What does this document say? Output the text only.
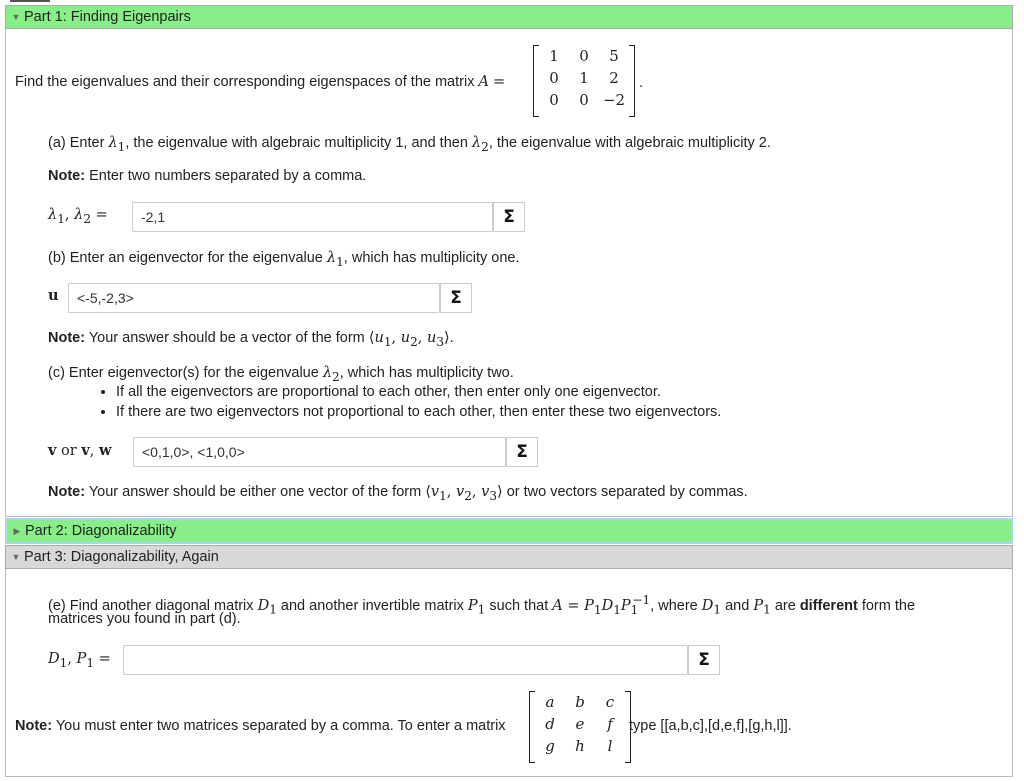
▼ Part 1: Finding Eigenpairs
Find the eigenvalues and their corresponding eigenspaces of the matrix A =
1	0	5
0	1	2
0	0 −2
.
(a) Enter $\lambda_1$, the eigenvalue with algebraic multiplicity 1, and then $\lambda_2$, the eigenvalue with algebraic multiplicity 2.
Note: Enter two numbers separated by a comma.
$\lambda_1$, $\lambda_2$ =	-2,1	Σ
(b) Enter an eigenvector for the eigenvalue $\lambda_1$, which has multiplicity one.
u	<-5,-2,3>	Σ
Note: Your answer should be a vector of the form $⟨u_1$, $u_2$, $u_3⟩$.
(c) Enter eigenvector(s) for the eigenvalue $\lambda_2$, which has multiplicity two.
• If all the eigenvectors are proportional to each other, then enter only one eigenvector.
• If there are two eigenvectors not proportional to each other, then enter these two eigenvectors.
v or v, w	<0,1,0>, <1,0,0>	Σ
Note: Your answer should be either one vector of the form $⟨v_1$, $v_2$, $v_3⟩$ or two vectors separated by commas.
▶ Part 2: Diagonalizability
▼ Part 3: Diagonalizability, Again
(e) Find another diagonal matrix $D_1$ and another invertible matrix $P_1$ such that $A = P_1D_1P_1^{-1}$, where $D_1$ and $P_1$ are different form the
matrices you found in part (d).
$D_1$, $P_1$ =	Σ
Note: You must enter two matrices separated by a comma. To enter a matrix
a	b	c
d	e	f
g	h	l
type [[a,b,c],[d,e,f],[g,h,l]].
